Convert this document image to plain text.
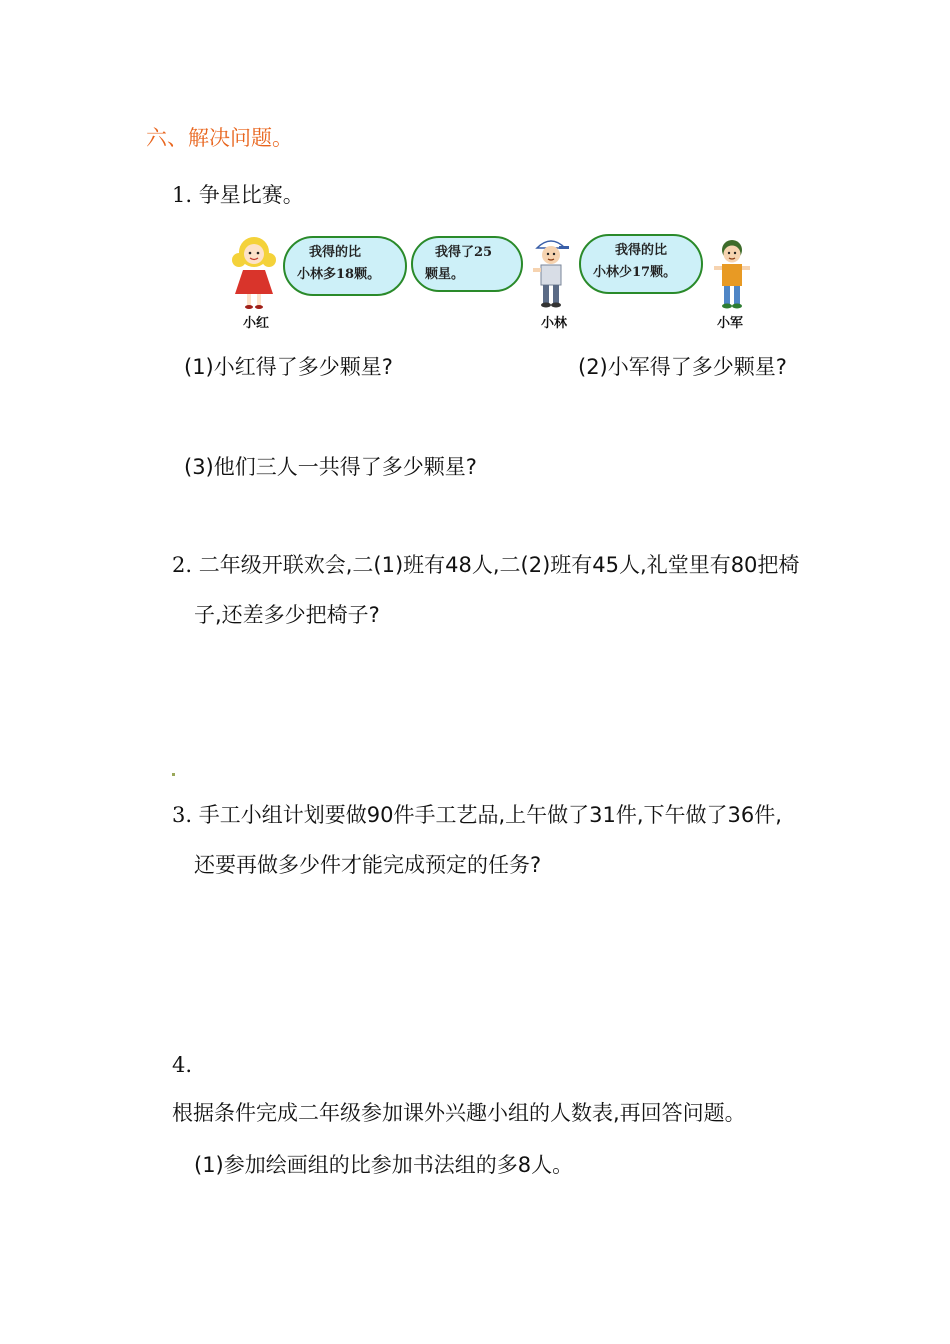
六、解决问题。
1. 争星比赛。
我得的比
小林多18颗。
我得了25
颗星。
我得的比
小林少17颗。
小红	小林	小军
(1)小红得了多少颗星?	(2)小军得了多少颗星?
(3)他们三人一共得了多少颗星?
2. 二年级开联欢会,二(1)班有48人,二(2)班有45人,礼堂里有80把椅
子,还差多少把椅子?
3. 手工小组计划要做90件手工艺品,上午做了31件,下午做了36件,
还要再做多少件才能完成预定的任务?
4.
根据条件完成二年级参加课外兴趣小组的人数表,再回答问题。
(1)参加绘画组的比参加书法组的多8人。
